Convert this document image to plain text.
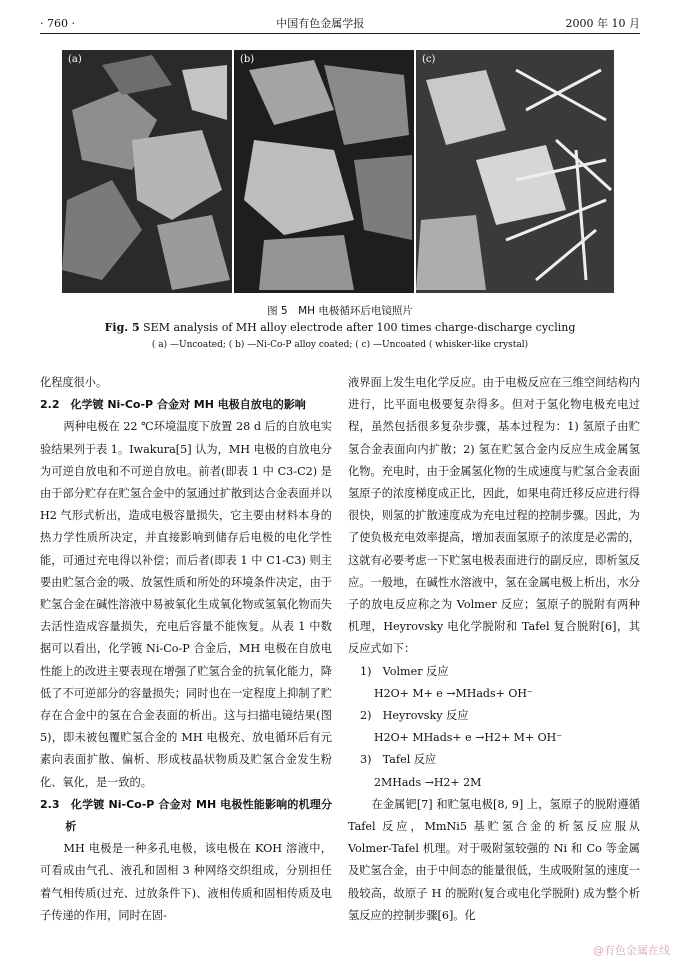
· 760 ·	中国有色金属学报	2000 年 10 月
(a)	(b)	(c)
图 5　MH 电极循环后电镜照片
Fig. 5 SEM analysis of MH alloy electrode after 100 times charge-discharge cycling
( a) —Uncoated; ( b) —Ni-Co-P alloy coated; ( c) —Uncoated ( whisker-like crystal)

化程度很小。

2.2　化学镀 Ni-Co-P 合金对 MH 电极自放电的影响

两种电极在 22 ℃环境温度下放置 28 d 后的自放电实验结果列于表 1。Iwakura[5] 认为，MH 电极的自放电分为可逆自放电和不可逆自放电。前者(即表 1 中 C3-C2) 是由于部分贮存在贮氢合金中的氢通过扩散到达合金表面并以 H2 气形式析出，造成电极容量损失，它主要由材料本身的热力学性质所决定，并直接影响到储存后电极的电化学性能，可通过充电得以补偿；而后者(即表 1 中 C1-C3) 则主要由贮氢合金的吸、放氢性质和所处的环境条件决定，由于贮氢合金在碱性溶液中易被氧化生成氧化物或氢氧化物而失去活性造成容量损失，充电后容量不能恢复。从表 1 中数据可以看出，化学镀 Ni-Co-P 合金后，MH 电极在自放电性能上的改进主要表现在增强了贮氢合金的抗氧化能力，降低了不可逆部分的容量损失；同时也在一定程度上抑制了贮存在合金中的氢在合金表面的析出。这与扫描电镜结果(图 5)，即未被包覆贮氢合金的 MH 电极充、放电循环后有元素向表面扩散、偏析、形成枝晶状物质及贮氢合金发生粉化、氧化，是一致的。

2.3　化学镀 Ni-Co-P 合金对 MH 电极性能影响的机理分析

MH 电极是一种多孔电极，该电极在 KOH 溶液中，可看成由气孔、液孔和固相 3 种网络交织组成，分别担任着气相传质(过充、过放条件下)、液相传质和固相传质及电子传递的作用，同时在固-

液界面上发生电化学反应。由于电极反应在三维空间结构内进行，比平面电极要复杂得多。但对于氢化物电极充电过程，虽然包括很多复杂步骤，基本过程为：1) 氢原子由贮氢合金表面向内扩散；2) 氢在贮氢合金内反应生成金属氢化物。充电时，由于金属氢化物的生成速度与贮氢合金表面氢原子的浓度梯度成正比，因此，如果电荷迁移反应进行得很快，则氢的扩散速度成为充电过程的控制步骤。因此，为了使负极充电效率提高，增加表面氢原子的浓度是必需的，这就有必要考虑一下贮氢电极表面进行的副反应，即析氢反应。一般地，在碱性水溶液中，氢在金属电极上析出，水分子的放电反应称之为 Volmer 反应；氢原子的脱附有两种机理，Heyrovsky 电化学脱附和 Tafel 复合脱附[6]，其反应式如下：

1)　Volmer 反应

H2O+ M+ e →MHads+ OH⁻

2)　Heyrovsky 反应

H2O+ MHads+ e →H2+ M+ OH⁻

3)　Tafel 反应

2MHads →H2+ 2M

在金属钯[7] 和贮氢电极[8, 9] 上，氢原子的脱附遵循 Tafel 反应，MmNi5 基贮氢合金的析氢反应服从 Volmer-Tafel 机理。对于吸附氢较强的 Ni 和 Co 等金属及贮氢合金，由于中间态的能量很低，生成吸附氢的速度一般较高，故原子 H 的脱附(复合或电化学脱附) 成为整个析氢反应的控制步骤[6]。化

@有色金属在线
